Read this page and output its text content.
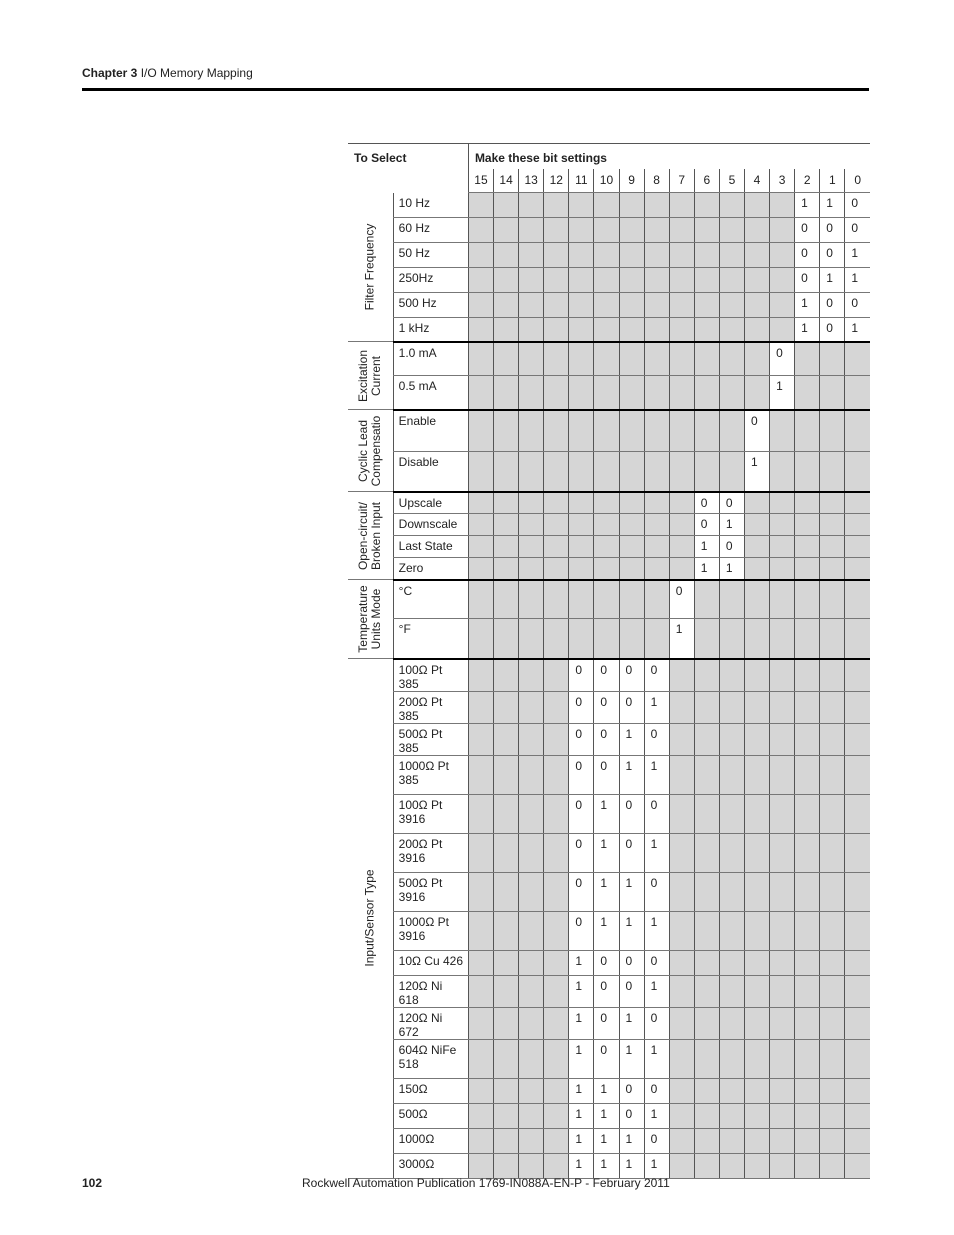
Chapter 3 I/O Memory Mapping
To Select		Make these bit settings															
		15	14	13	12	11	10	9	8	7	6	5	4	3	2	1	0

Filter Frequency	10 Hz														1	1	0
	60 Hz														0	0	0
	50 Hz														0	0	1
	250Hz														0	1	1
	500 Hz														1	0	0
	1 kHz														1	0	1

Excitation Current	1.0 mA													0			
	0.5 mA													1			

Cyclic Lead Compensatio	Enable												0				
	Disable												1				

Open-circuit/ Broken Input	Upscale										0	0					
	Downscale										0	1					
	Last State										1	0					
	Zero										1	1					

Temperature Units Mode	°C									0							
	°F									1							

Input/Sensor Type	100Ω Pt 385					0	0	0	0								
	200Ω Pt 385					0	0	0	1								
	500Ω Pt 385					0	0	1	0								
	1000Ω Pt 385					0	0	1	1								
	100Ω Pt 3916					0	1	0	0								
	200Ω Pt 3916					0	1	0	1								
	500Ω Pt 3916					0	1	1	0								
	1000Ω Pt 3916					0	1	1	1								
	10Ω Cu 426					1	0	0	0								
	120Ω Ni 618					1	0	0	1								
	120Ω Ni 672					1	0	1	0								
	604Ω NiFe 518					1	0	1	1								
	150Ω					1	1	0	0								
	500Ω					1	1	0	1								
	1000Ω					1	1	1	0								
	3000Ω					1	1	1	1								
102	Rockwell Automation Publication 1769-IN088A-EN-P - February 2011
